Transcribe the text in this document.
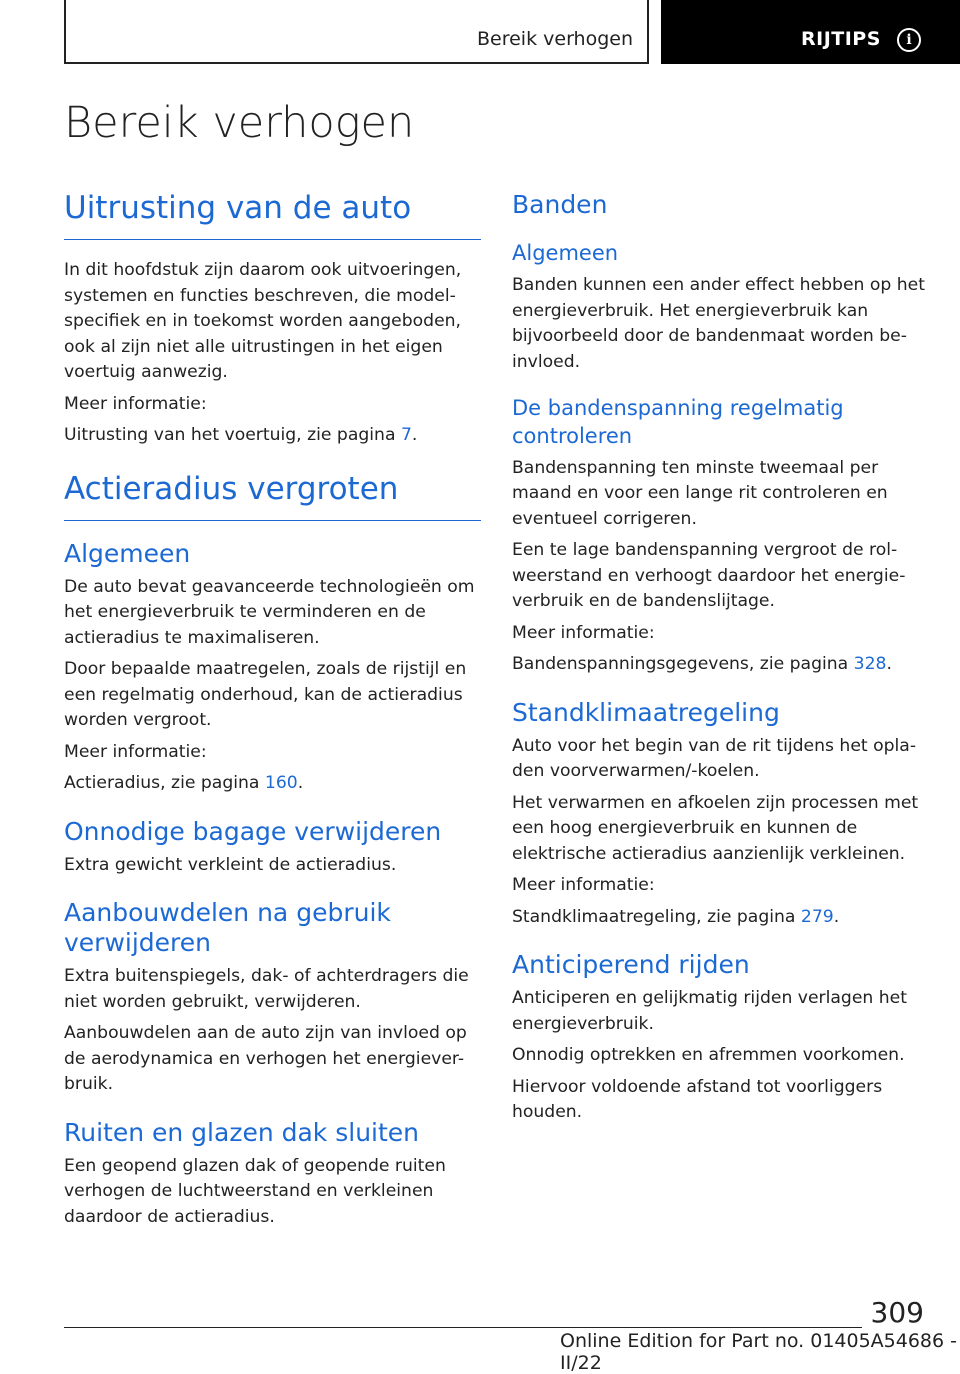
Bereik verhogen	RIJTIPS	i
Bereik verhogen
Uitrusting van de auto

In dit hoofdstuk zijn daarom ook uitvoeringen, systemen en functies beschreven, die model-specifiek en in toekomst worden aangeboden, ook al zijn niet alle uitrustingen in het eigen voertuig aanwezig.

Meer informatie:

Uitrusting van het voertuig, zie pagina 7.

Actieradius vergroten
Algemeen

De auto bevat geavanceerde technologieën om het energieverbruik te verminderen en de actieradius te maximaliseren.

Door bepaalde maatregelen, zoals de rijstijl en een regelmatig onderhoud, kan de actieradius worden vergroot.

Meer informatie:

Actieradius, zie pagina 160.

Onnodige bagage verwijderen

Extra gewicht verkleint de actieradius.

Aanbouwdelen na gebruik verwijderen

Extra buitenspiegels, dak- of achterdragers die niet worden gebruikt, verwijderen.

Aanbouwdelen aan de auto zijn van invloed op de aerodynamica en verhogen het energiever-bruik.

Ruiten en glazen dak sluiten

Een geopend glazen dak of geopende ruiten verhogen de luchtweerstand en verkleinen daardoor de actieradius.

Banden
Algemeen

Banden kunnen een ander effect hebben op het energieverbruik. Het energieverbruik kan bijvoorbeeld door de bandenmaat worden be-invloed.

De bandenspanning regelmatig controleren

Bandenspanning ten minste tweemaal per maand en voor een lange rit controleren en eventueel corrigeren.

Een te lage bandenspanning vergroot de rol-weerstand en verhoogt daardoor het energie-verbruik en de bandenslijtage.

Meer informatie:

Bandenspanningsgegevens, zie pagina 328.

Standklimaatregeling

Auto voor het begin van de rit tijdens het opla-den voorverwarmen/-koelen.

Het verwarmen en afkoelen zijn processen met een hoog energieverbruik en kunnen de elektrische actieradius aanzienlijk verkleinen.

Meer informatie:

Standklimaatregeling, zie pagina 279.

Anticiperend rijden

Anticiperen en gelijkmatig rijden verlagen het energieverbruik.

Onnodig optrekken en afremmen voorkomen.

Hiervoor voldoende afstand tot voorliggers houden.

309
Online Edition for Part no. 01405A54686 - II/22
